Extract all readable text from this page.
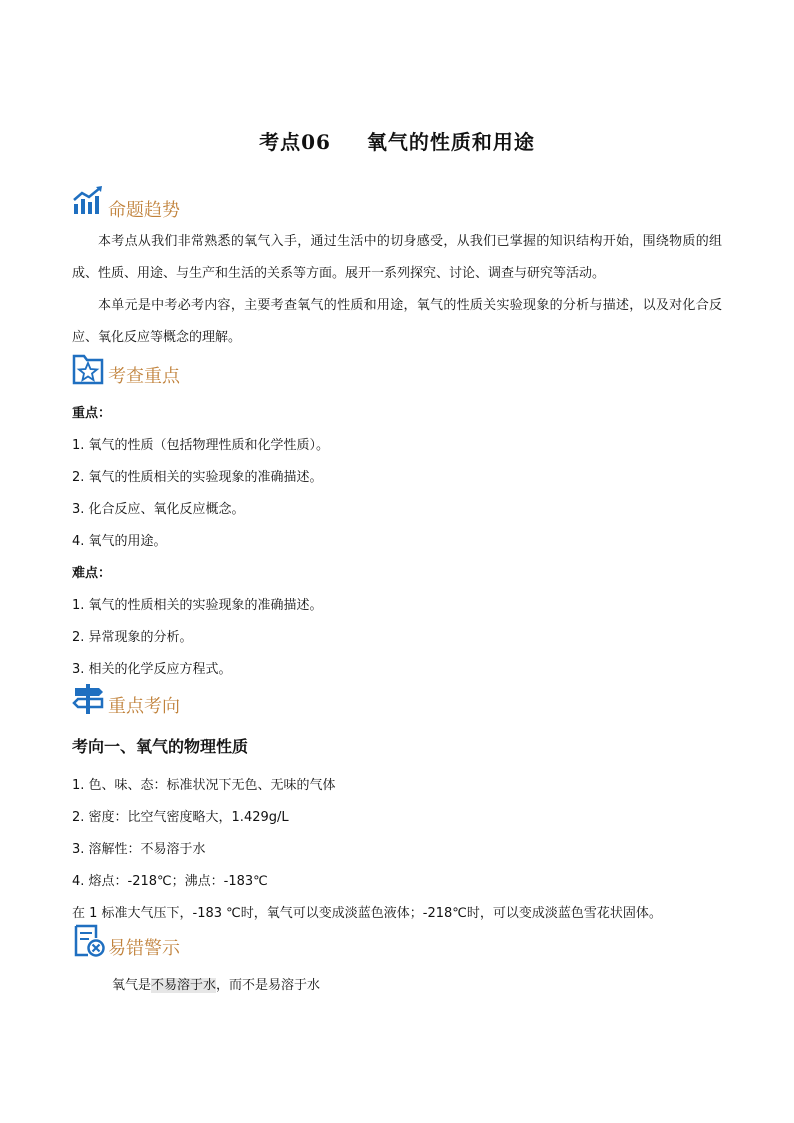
考点06 氧气的性质和用途
命题趋势
本考点从我们非常熟悉的氧气入手，通过生活中的切身感受，从我们已掌握的知识结构开始，围绕物质的组成、性质、用途、与生产和生活的关系等方面。展开一系列探究、讨论、调查与研究等活动。
本单元是中考必考内容，主要考查氧气的性质和用途，氧气的性质关实验现象的分析与描述，以及对化合反应、氧化反应等概念的理解。
考查重点
重点：
1. 氧气的性质（包括物理性质和化学性质）。
2. 氧气的性质相关的实验现象的准确描述。
3. 化合反应、氧化反应概念。
4. 氧气的用途。
难点：
1. 氧气的性质相关的实验现象的准确描述。
2. 异常现象的分析。
3. 相关的化学反应方程式。
重点考向
考向一、氧气的物理性质
1. 色、味、态：标准状况下无色、无味的气体
2. 密度：比空气密度略大，1.429g/L
3. 溶解性：不易溶于水
4. 熔点：-218℃；沸点：-183℃
在 1 标准大气压下，-183 ℃时，氧气可以变成淡蓝色液体；-218℃时，可以变成淡蓝色雪花状固体。
易错警示
氧气是不易溶于水，而不是易溶于水
